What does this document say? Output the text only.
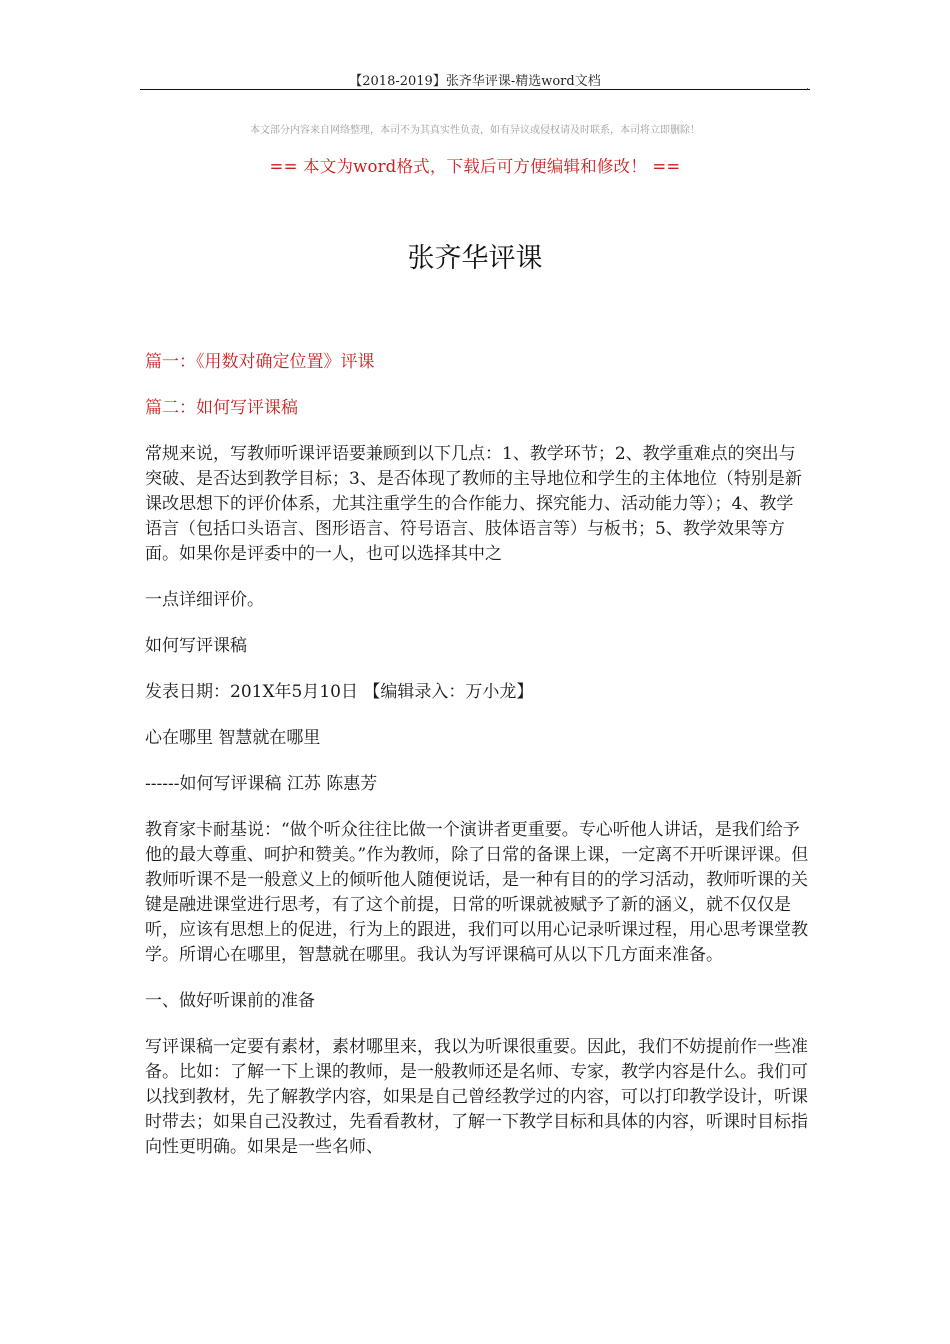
【2018-2019】张齐华评课-精选word文档	,
本文部分内容来自网络整理，本司不为其真实性负责，如有异议或侵权请及时联系，本司将立即删除！
== 本文为word格式，下载后可方便编辑和修改！ ==
张齐华评课

篇一：《用数对确定位置》评课

篇二：如何写评课稿

常规来说，写教师听课评语要兼顾到以下几点：1、教学环节；2、教学重难点的突出与突破、是否达到教学目标；3、是否体现了教师的主导地位和学生的主体地位（特别是新课改思想下的评价体系，尤其注重学生的合作能力、探究能力、活动能力等）；4、教学语言（包括口头语言、图形语言、符号语言、肢体语言等）与板书；5、教学效果等方面。如果你是评委中的一人，也可以选择其中之

一点详细评价。

如何写评课稿

发表日期：201X年5月10日 【编辑录入：万小龙】

心在哪里 智慧就在哪里

------如何写评课稿 江苏 陈惠芳

教育家卡耐基说：“做个听众往往比做一个演讲者更重要。专心听他人讲话，是我们给予他的最大尊重、呵护和赞美。”作为教师，除了日常的备课上课，一定离不开听课评课。但教师听课不是一般意义上的倾听他人随便说话，是一种有目的的学习活动，教师听课的关键是融进课堂进行思考，有了这个前提，日常的听课就被赋予了新的涵义，就不仅仅是听，应该有思想上的促进，行为上的跟进，我们可以用心记录听课过程，用心思考课堂教学。所谓心在哪里，智慧就在哪里。我认为写评课稿可从以下几方面来准备。

一、做好听课前的准备

写评课稿一定要有素材，素材哪里来，我以为听课很重要。因此，我们不妨提前作一些准备。比如：了解一下上课的教师，是一般教师还是名师、专家，教学内容是什么。我们可以找到教材，先了解教学内容，如果是自己曾经教学过的内容，可以打印教学设计，听课时带去；如果自己没教过，先看看教材，了解一下教学目标和具体的内容，听课时目标指向性更明确。如果是一些名师、
